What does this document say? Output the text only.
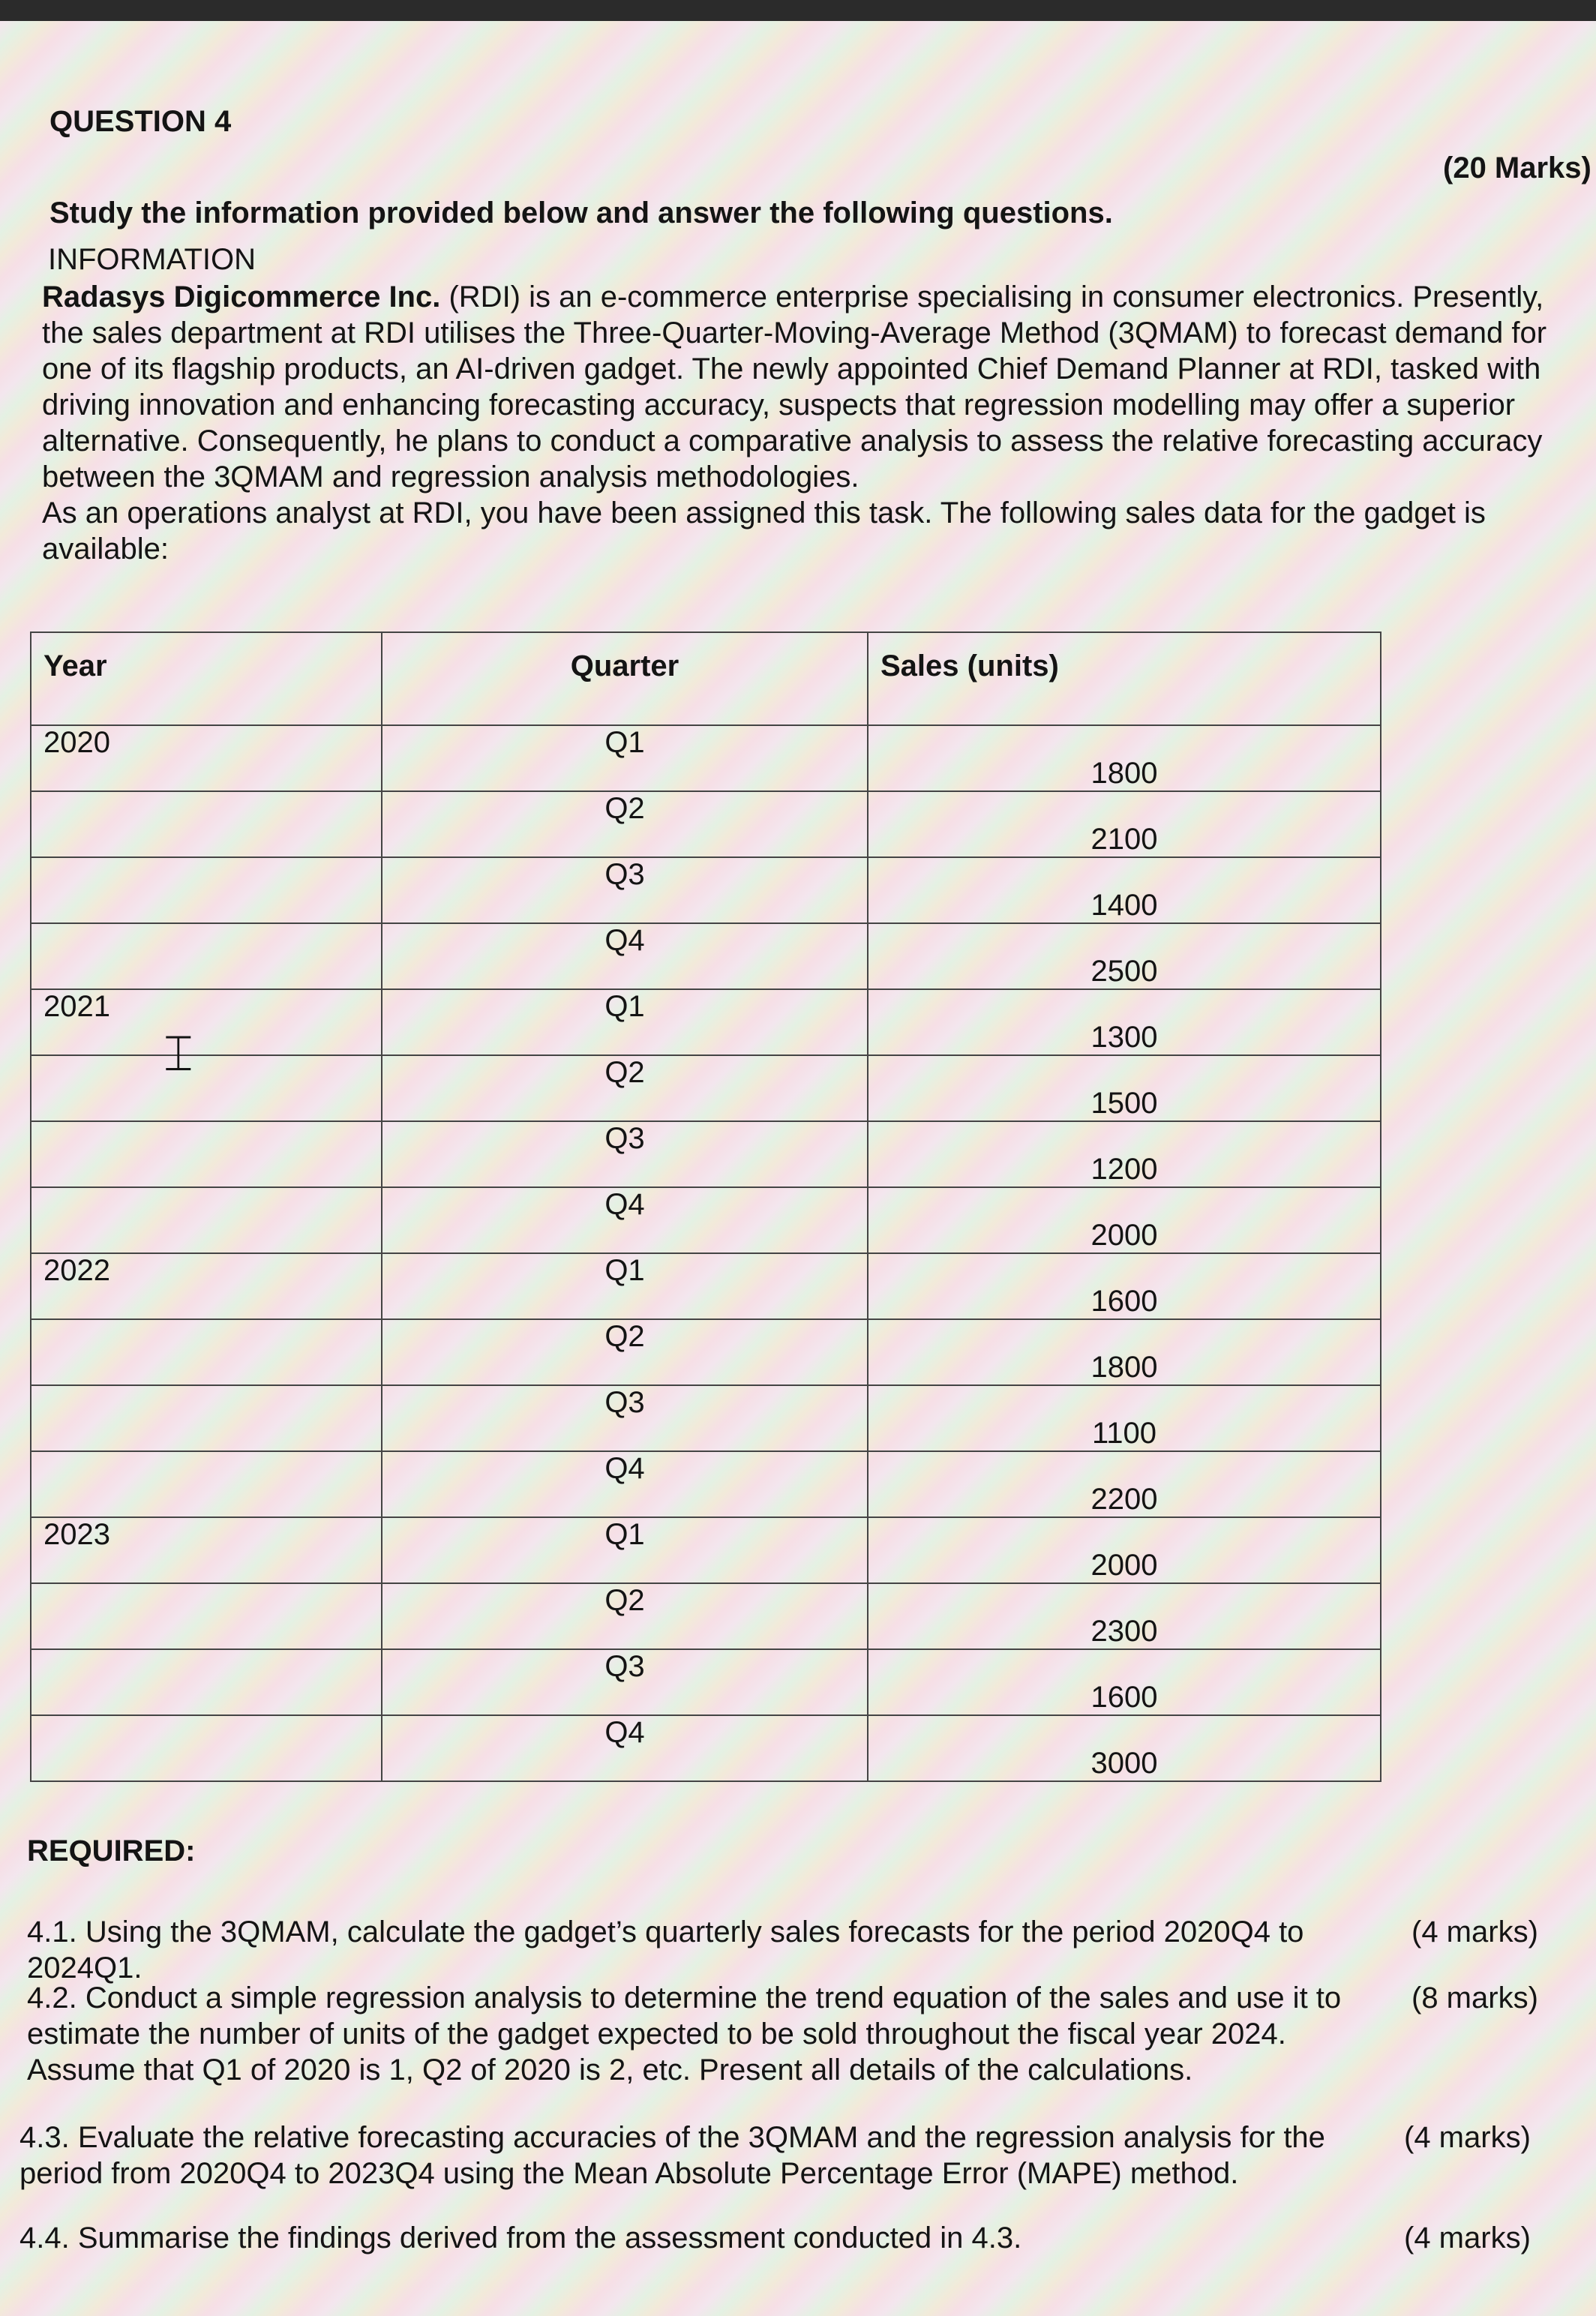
QUESTION 4
(20 Marks)
Study the information provided below and answer the following questions.
INFORMATION

Radasys Digicommerce Inc. (RDI) is an e-commerce enterprise specialising in consumer electronics. Presently, the sales department at RDI utilises the Three-Quarter-Moving-Average Method (3QMAM) to forecast demand for one of its flagship products, an AI-driven gadget. The newly appointed Chief Demand Planner at RDI, tasked with driving innovation and enhancing forecasting accuracy, suspects that regression modelling may offer a superior alternative. Consequently, he plans to conduct a comparative analysis to assess the relative forecasting accuracy between the 3QMAM and regression analysis methodologies.

As an operations analyst at RDI, you have been assigned this task. The following sales data for the gadget is available:

Year	Quarter	Sales (units)
2020	Q1	1800
	Q2	2100
	Q3	1400
	Q4	2500
2021	Q1	1300
	Q2	1500
	Q3	1200
	Q4	2000
2022	Q1	1600
	Q2	1800
	Q3	1100
	Q4	2200
2023	Q1	2000
	Q2	2300
	Q3	1600
	Q4	3000
⌶
REQUIRED:
4.1. Using the 3QMAM, calculate the gadget’s quarterly sales forecasts for the period 2020Q4 to 2024Q1.
(4 marks)
4.2. Conduct a simple regression analysis to determine the trend equation of the sales and use it to estimate the number of units of the gadget expected to be sold throughout the fiscal year 2024. Assume that Q1 of 2020 is 1, Q2 of 2020 is 2, etc. Present all details of the calculations.
(8 marks)
4.3. Evaluate the relative forecasting accuracies of the 3QMAM and the regression analysis for the period from 2020Q4 to 2023Q4 using the Mean Absolute Percentage Error (MAPE) method.
(4 marks)
4.4. Summarise the findings derived from the assessment conducted in 4.3.	(4 marks)
